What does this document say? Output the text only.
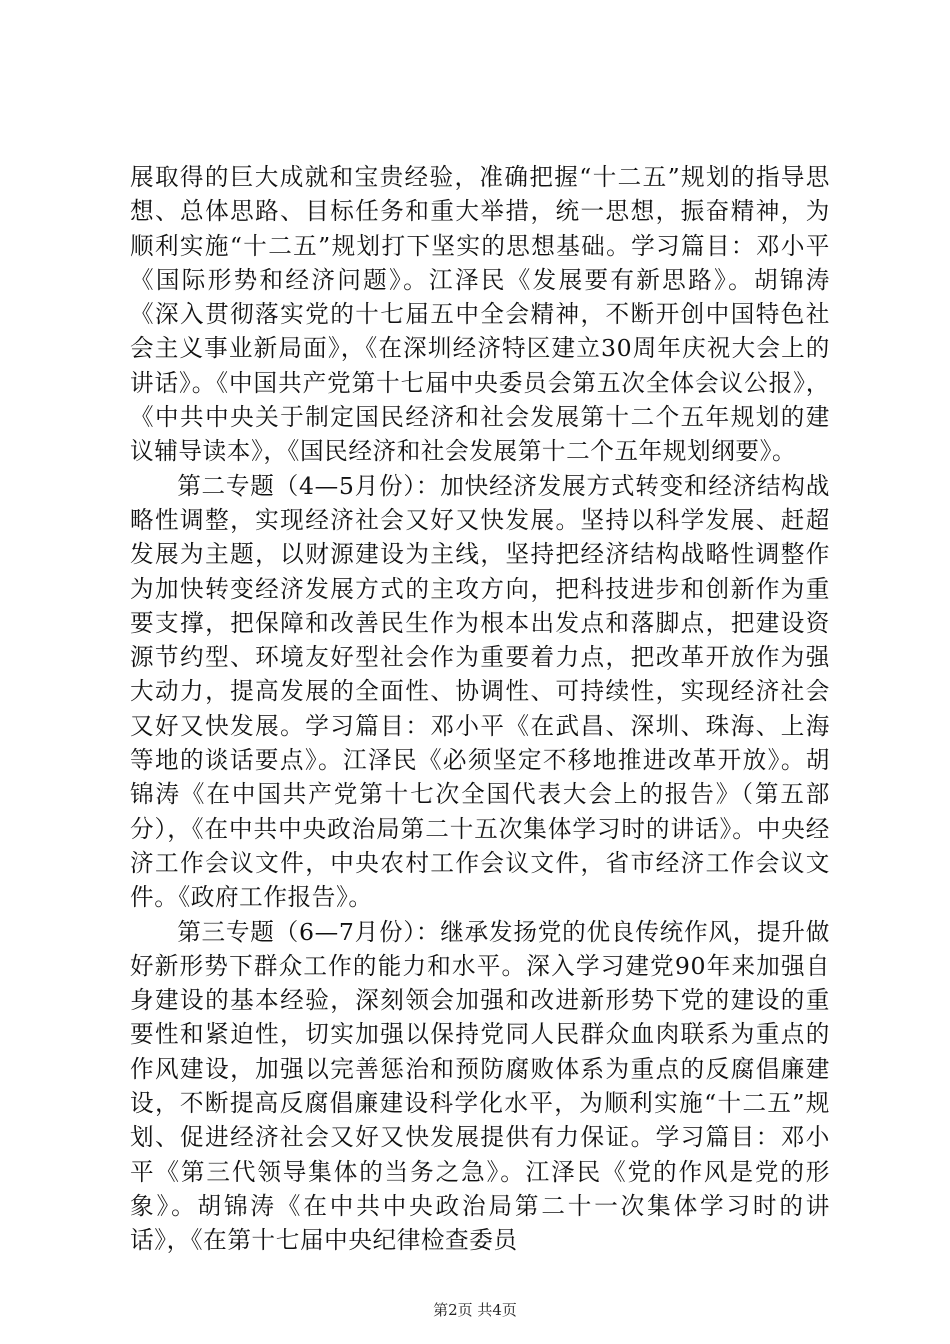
展取得的巨大成就和宝贵经验，准确把握“十二五”规划的指导思想、总体思路、目标任务和重大举措，统一思想，振奋精神，为顺利实施“十二五”规划打下坚实的思想基础。学习篇目：邓小平《国际形势和经济问题》。江泽民《发展要有新思路》。胡锦涛《深入贯彻落实党的十七届五中全会精神，不断开创中国特色社会主义事业新局面》，《在深圳经济特区建立30周年庆祝大会上的讲话》。《中国共产党第十七届中央委员会第五次全体会议公报》，《中共中央关于制定国民经济和社会发展第十二个五年规划的建议辅导读本》，《国民经济和社会发展第十二个五年规划纲要》。

第二专题（4—5月份）：加快经济发展方式转变和经济结构战略性调整，实现经济社会又好又快发展。坚持以科学发展、赶超发展为主题，以财源建设为主线，坚持把经济结构战略性调整作为加快转变经济发展方式的主攻方向，把科技进步和创新作为重要支撑，把保障和改善民生作为根本出发点和落脚点，把建设资源节约型、环境友好型社会作为重要着力点，把改革开放作为强大动力，提高发展的全面性、协调性、可持续性，实现经济社会又好又快发展。学习篇目：邓小平《在武昌、深圳、珠海、上海等地的谈话要点》。江泽民《必须坚定不移地推进改革开放》。胡锦涛《在中国共产党第十七次全国代表大会上的报告》（第五部分），《在中共中央政治局第二十五次集体学习时的讲话》。中央经济工作会议文件，中央农村工作会议文件，省市经济工作会议文件。《政府工作报告》。

第三专题（6—7月份）：继承发扬党的优良传统作风，提升做好新形势下群众工作的能力和水平。深入学习建党90年来加强自身建设的基本经验，深刻领会加强和改进新形势下党的建设的重要性和紧迫性，切实加强以保持党同人民群众血肉联系为重点的作风建设，加强以完善惩治和预防腐败体系为重点的反腐倡廉建设，不断提高反腐倡廉建设科学化水平，为顺利实施“十二五”规划、促进经济社会又好又快发展提供有力保证。学习篇目：邓小平《第三代领导集体的当务之急》。江泽民《党的作风是党的形象》。胡锦涛《在中共中央政治局第二十一次集体学习时的讲话》，《在第十七届中央纪律检查委员

第2页 共4页
